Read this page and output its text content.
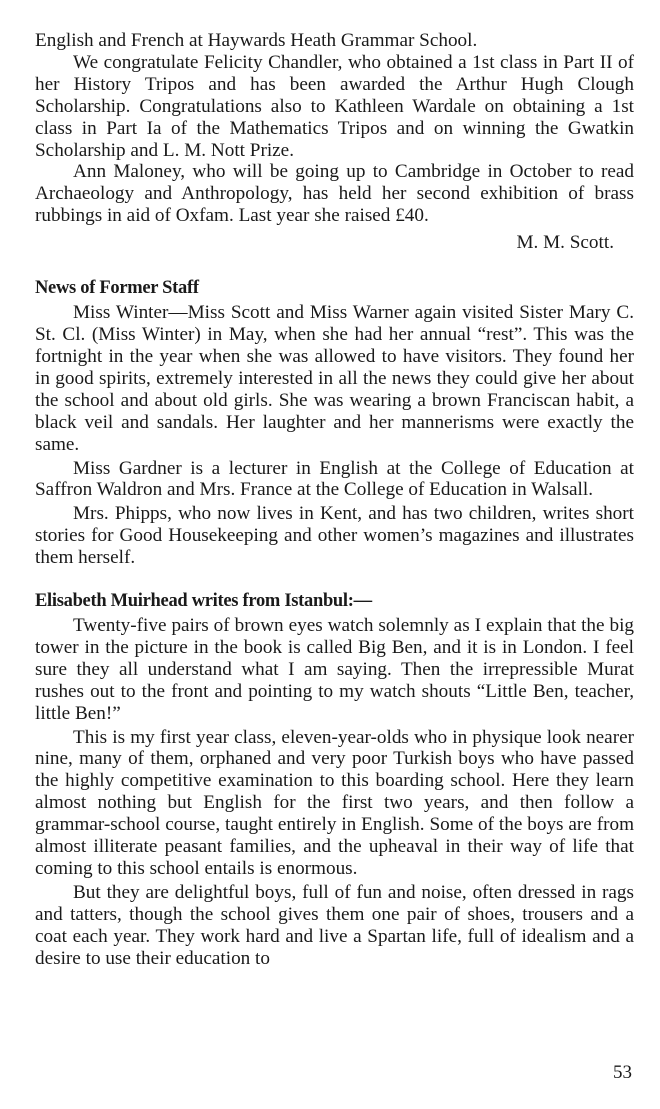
English and French at Haywards Heath Grammar School.

We congratulate Felicity Chandler, who obtained a 1st class in Part II of her History Tripos and has been awarded the Arthur Hugh Clough Scholarship. Congratulations also to Kathleen Wardale on obtaining a 1st class in Part Ia of the Mathematics Tripos and on winning the Gwatkin Scholarship and L. M. Nott Prize.

Ann Maloney, who will be going up to Cambridge in October to read Archaeology and Anthropology, has held her second exhibition of brass rubbings in aid of Oxfam. Last year she raised £40.

M. M. Scott.
News of Former Staff

Miss Winter—Miss Scott and Miss Warner again visited Sister Mary C. St. Cl. (Miss Winter) in May, when she had her annual “rest”. This was the fortnight in the year when she was allowed to have visitors. They found her in good spirits, extremely interested in all the news they could give her about the school and about old girls. She was wearing a brown Franciscan habit, a black veil and sandals. Her laughter and her mannerisms were exactly the same.

Miss Gardner is a lecturer in English at the College of Education at Saffron Waldron and Mrs. France at the College of Education in Walsall.

Mrs. Phipps, who now lives in Kent, and has two children, writes short stories for Good Housekeeping and other women’s magazines and illustrates them herself.

Elisabeth Muirhead writes from Istanbul:—

Twenty-five pairs of brown eyes watch solemnly as I explain that the big tower in the picture in the book is called Big Ben, and it is in London. I feel sure they all understand what I am saying. Then the irrepressible Murat rushes out to the front and pointing to my watch shouts “Little Ben, teacher, little Ben!”

This is my first year class, eleven-year-olds who in physique look nearer nine, many of them, orphaned and very poor Turkish boys who have passed the highly competitive examination to this boarding school. Here they learn almost nothing but English for the first two years, and then follow a grammar-school course, taught entirely in English. Some of the boys are from almost illiterate peasant families, and the upheaval in their way of life that coming to this school entails is enormous.

But they are delightful boys, full of fun and noise, often dressed in rags and tatters, though the school gives them one pair of shoes, trousers and a coat each year. They work hard and live a Spartan life, full of idealism and a desire to use their education to

53
